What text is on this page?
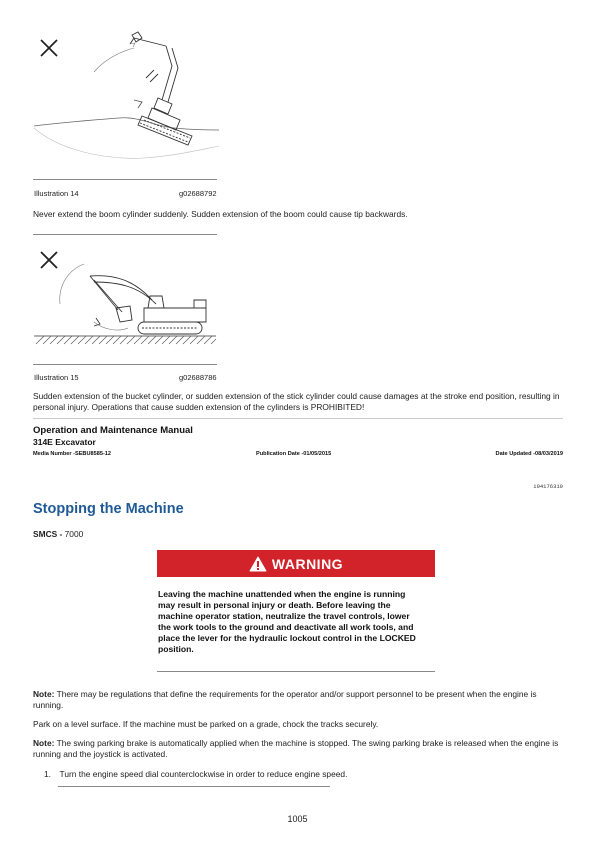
Illustration 14	g02688792
Never extend the boom cylinder suddenly. Sudden extension of the boom could cause tip backwards.
Illustration 15	g02688786
Sudden extension of the bucket cylinder, or sudden extension of the stick cylinder could cause damages at the stroke end position, resulting in personal injury. Operations that cause sudden extension of the cylinders is PROHIBITED!
Operation and Maintenance Manual
314E Excavator
Media Number -SEBU8585-12	Publication Date -01/05/2015	Date Updated -08/03/2019
i04176310
Stopping the Machine
SMCS - 7000
WARNING
Leaving the machine unattended when the engine is running
may result in personal injury or death. Before leaving the
machine operator station, neutralize the travel controls, lower
the work tools to the ground and deactivate all work tools, and
place the lever for the hydraulic lockout control in the LOCKED
position.
Note: There may be regulations that define the requirements for the operator and/or support personnel to be present when the engine is running.
Park on a level surface. If the machine must be parked on a grade, chock the tracks securely.
Note: The swing parking brake is automatically applied when the machine is stopped. The swing parking brake is released when the engine is running and the joystick is activated.
1. Turn the engine speed dial counterclockwise in order to reduce engine speed.
1005
